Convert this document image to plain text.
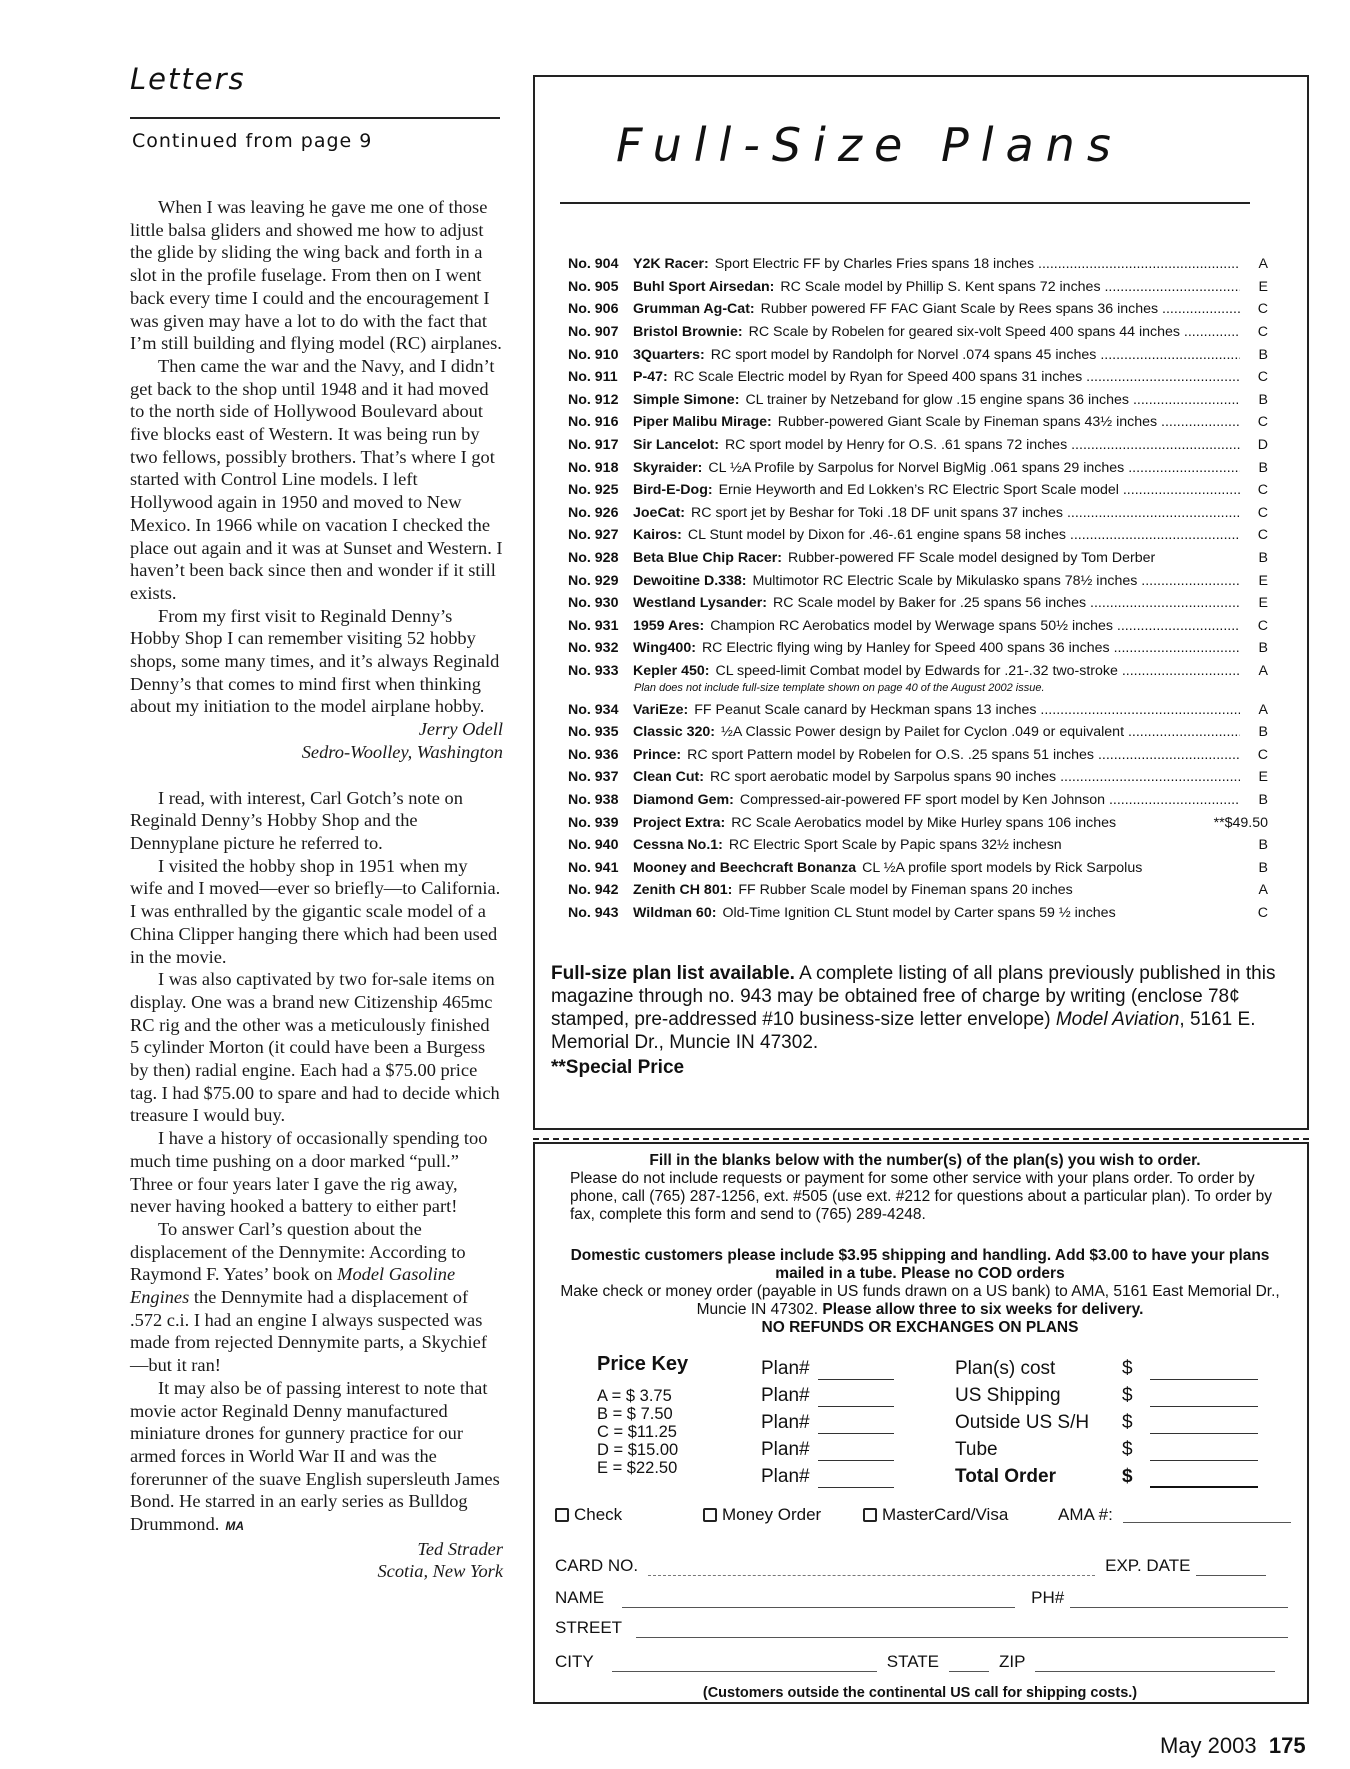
Letters
Continued from page 9

When I was leaving he gave me one of those little balsa gliders and showed me how to adjust the glide by sliding the wing back and forth in a slot in the profile fuselage. From then on I went back every time I could and the encouragement I was given may have a lot to do with the fact that I’m still building and flying model (RC) airplanes.

Then came the war and the Navy, and I didn’t get back to the shop until 1948 and it had moved to the north side of Hollywood Boulevard about five blocks east of Western. It was being run by two fellows, possibly brothers. That’s where I got started with Control Line models. I left Hollywood again in 1950 and moved to New Mexico. In 1966 while on vacation I checked the place out again and it was at Sunset and Western. I haven’t been back since then and wonder if it still exists.

From my first visit to Reginald Denny’s Hobby Shop I can remember visiting 52 hobby shops, some many times, and it’s always Reginald Denny’s that comes to mind first when thinking about my initiation to the model airplane hobby.

Jerry Odell

Sedro-Woolley, Washington

I read, with interest, Carl Gotch’s note on Reginald Denny’s Hobby Shop and the Dennyplane picture he referred to.

I visited the hobby shop in 1951 when my wife and I moved—ever so briefly—to California. I was enthralled by the gigantic scale model of a China Clipper hanging there which had been used in the movie.

I was also captivated by two for-sale items on display. One was a brand new Citizenship 465mc RC rig and the other was a meticulously finished 5 cylinder Morton (it could have been a Burgess by then) radial engine. Each had a $75.00 price tag. I had $75.00 to spare and had to decide which treasure I would buy.

I have a history of occasionally spending too much time pushing on a door marked “pull.” Three or four years later I gave the rig away, never having hooked a battery to either part!

To answer Carl’s question about the displacement of the Dennymite: According to Raymond F. Yates’ book on Model Gasoline Engines the Dennymite had a displacement of .572 c.i. I had an engine I always suspected was made from rejected Dennymite parts, a Skychief—but it ran!

It may also be of passing interest to note that movie actor Reginald Denny manufactured miniature drones for gunnery practice for our armed forces in World War II and was the forerunner of the suave English supersleuth James Bond. He starred in an early series as Bulldog Drummond. MA

Ted Strader

Scotia, New York

Full-Size Plans
No. 904	Y2K Racer: Sport Electric FF by Charles Fries spans 18 inches .....	A
No. 905	Buhl Sport Airsedan: RC Scale model by Phillip S. Kent spans 72 inches .....	E
No. 906	Grumman Ag-Cat: Rubber powered FF FAC Giant Scale by Rees spans 36 inches .....	C
No. 907	Bristol Brownie: RC Scale by Robelen for geared six-volt Speed 400 spans 44 inches .....	C
No. 910	3Quarters: RC sport model by Randolph for Norvel .074 spans 45 inches .....	B
No. 911	P-47: RC Scale Electric model by Ryan for Speed 400 spans 31 inches .....	C
No. 912	Simple Simone: CL trainer by Netzeband for glow .15 engine spans 36 inches .....	B
No. 916	Piper Malibu Mirage: Rubber-powered Giant Scale by Fineman spans 43½ inches .....	C
No. 917	Sir Lancelot: RC sport model by Henry for O.S. .61 spans 72 inches .....	D
No. 918	Skyraider: CL ½A Profile by Sarpolus for Norvel BigMig .061 spans 29 inches .....	B
No. 925	Bird-E-Dog: Ernie Heyworth and Ed Lokken’s RC Electric Sport Scale model .....	C
No. 926	JoeCat: RC sport jet by Beshar for Toki .18 DF unit spans 37 inches .....	C
No. 927	Kairos: CL Stunt model by Dixon for .46-.61 engine spans 58 inches .....	C
No. 928	Beta Blue Chip Racer: Rubber-powered FF Scale model designed by Tom Derber	B
No. 929	Dewoitine D.338: Multimotor RC Electric Scale by Mikulasko spans 78½ inches .....	E
No. 930	Westland Lysander: RC Scale model by Baker for .25 spans 56 inches .....	E
No. 931	1959 Ares: Champion RC Aerobatics model by Werwage spans 50½ inches .....	C
No. 932	Wing400: RC Electric flying wing by Hanley for Speed 400 spans 36 inches .....	B
No. 933	Kepler 450: CL speed-limit Combat model by Edwards for .21-.32 two-stroke .....	A
Plan does not include full-size template shown on page 40 of the August 2002 issue.
No. 934	VariEze: FF Peanut Scale canard by Heckman spans 13 inches .....	A
No. 935	Classic 320: ½A Classic Power design by Pailet for Cyclon .049 or equivalent .....	B
No. 936	Prince: RC sport Pattern model by Robelen for O.S. .25 spans 51 inches .....	C
No. 937	Clean Cut: RC sport aerobatic model by Sarpolus spans 90 inches .....	E
No. 938	Diamond Gem: Compressed-air-powered FF sport model by Ken Johnson .....	B
No. 939	Project Extra: RC Scale Aerobatics model by Mike Hurley spans 106 inches	**$49.50
No. 940	Cessna No.1: RC Electric Sport Scale by Papic spans 32½ inchesn	B
No. 941	Mooney and Beechcraft Bonanza CL ½A profile sport models by Rick Sarpolus	B
No. 942	Zenith CH 801: FF Rubber Scale model by Fineman spans 20 inches	A
No. 943	Wildman 60: Old-Time Ignition CL Stunt model by Carter spans 59 ½ inches	C
Full-size plan list available. A complete listing of all plans previously published in this magazine through no. 943 may be obtained free of charge by writing (enclose 78¢ stamped, pre-addressed #10 business-size letter envelope) Model Aviation, 5161 E. Memorial Dr., Muncie IN 47302.
**Special Price
Fill in the blanks below with the number(s) of the plan(s) you wish to order.
Please do not include requests or payment for some other service with your plans order. To order by phone, call (765) 287-1256, ext. #505 (use ext. #212 for questions about a particular plan). To order by fax, complete this form and send to (765) 289-4248.
Domestic customers please include $3.95 shipping and handling. Add $3.00 to have your plans mailed in a tube. Please no COD orders
Make check or money order (payable in US funds drawn on a US bank) to AMA, 5161 East Memorial Dr., Muncie IN 47302. Please allow three to six weeks for delivery.
NO REFUNDS OR EXCHANGES ON PLANS
Price Key
A = $ 3.75
B = $ 7.50
C = $11.25
D = $15.00
E = $22.50
Plan#
Plan#
Plan#
Plan#
Plan#
Plan(s) cost	$
US Shipping	$
Outside US S/H	$
Tube	$
Total Order	$
Check	Money Order	MasterCard/Visa	AMA #:
CARD NO.	EXP. DATE
NAME	PH#
STREET
CITY	STATE	ZIP
(Customers outside the continental US call for shipping costs.)
May 2003 175
